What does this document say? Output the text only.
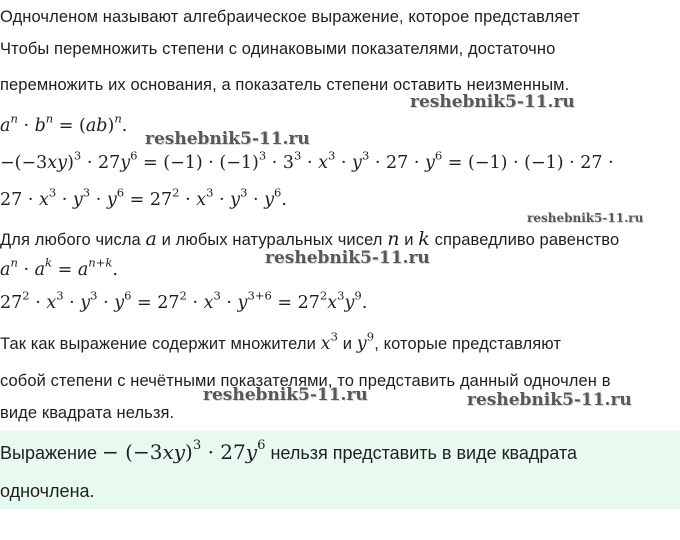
Одночленом называют алгебраическое выражение, которое представляет
Чтобы перемножить степени с одинаковыми показателями, достаточно
перемножить их основания, а показатель степени оставить неизменным.
$a^n \cdot b^n = (ab)^n$.
$-(-3xy)^3 \cdot 27y^6 = (-1) \cdot (-1)^3 \cdot 3^3 \cdot x^3 \cdot y^3 \cdot 27 \cdot y^6 = (-1) \cdot (-1) \cdot 27$ ·
$27 \cdot x^3 \cdot y^3 \cdot y^6 = 27^2 \cdot x^3 \cdot y^3 \cdot y^6$.
Для любого числа a и любых натуральных чисел n и k справедливо равенство
$a^n \cdot a^k = a^{n+k}$.
$27^2 \cdot x^3 \cdot y^3 \cdot y^6 = 27^2 \cdot x^3 \cdot y^{3+6} = 27^2x^3y^9$.
Так как выражение содержит множители $x^3$ и $y^9$, которые представляют
собой степени с нечётными показателями, то представить данный одночлен в
виде квадрата нельзя.
Выражение − $(-3xy)^3 \cdot 27y^6$ нельзя представить в виде квадрата
одночлена.
reshebnik5-11.ru
reshebnik5-11.ru
reshebnik5-11.ru
reshebnik5-11.ru
reshebnik5-11.ru	reshebnik5-11.ru
